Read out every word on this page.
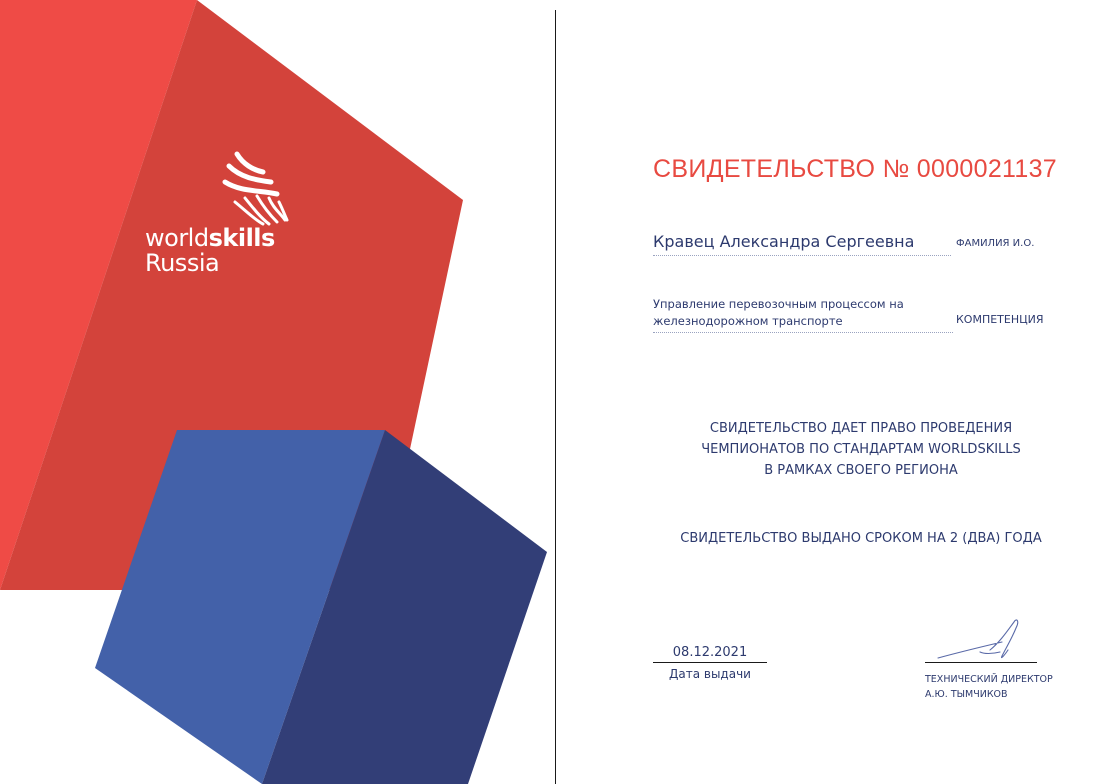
worldskills
Russia
СВИДЕТЕЛЬСТВО № 0000021137
Кравец Александра Сергеевна	ФАМИЛИЯ И.О.
Управление перевозочным процессом на
железнодорожном транспорте	КОМПЕТЕНЦИЯ
СВИДЕТЕЛЬСТВО ДАЕТ ПРАВО ПРОВЕДЕНИЯ
ЧЕМПИОНАТОВ ПО СТАНДАРТАМ WORLDSKILLS
В РАМКАХ СВОЕГО РЕГИОНА
СВИДЕТЕЛЬСТВО ВЫДАНО СРОКОМ НА 2 (ДВА) ГОДА
08.12.2021
Дата выдачи	ТЕХНИЧЕСКИЙ ДИРЕКТОР
А.Ю. ТЫМЧИКОВ
